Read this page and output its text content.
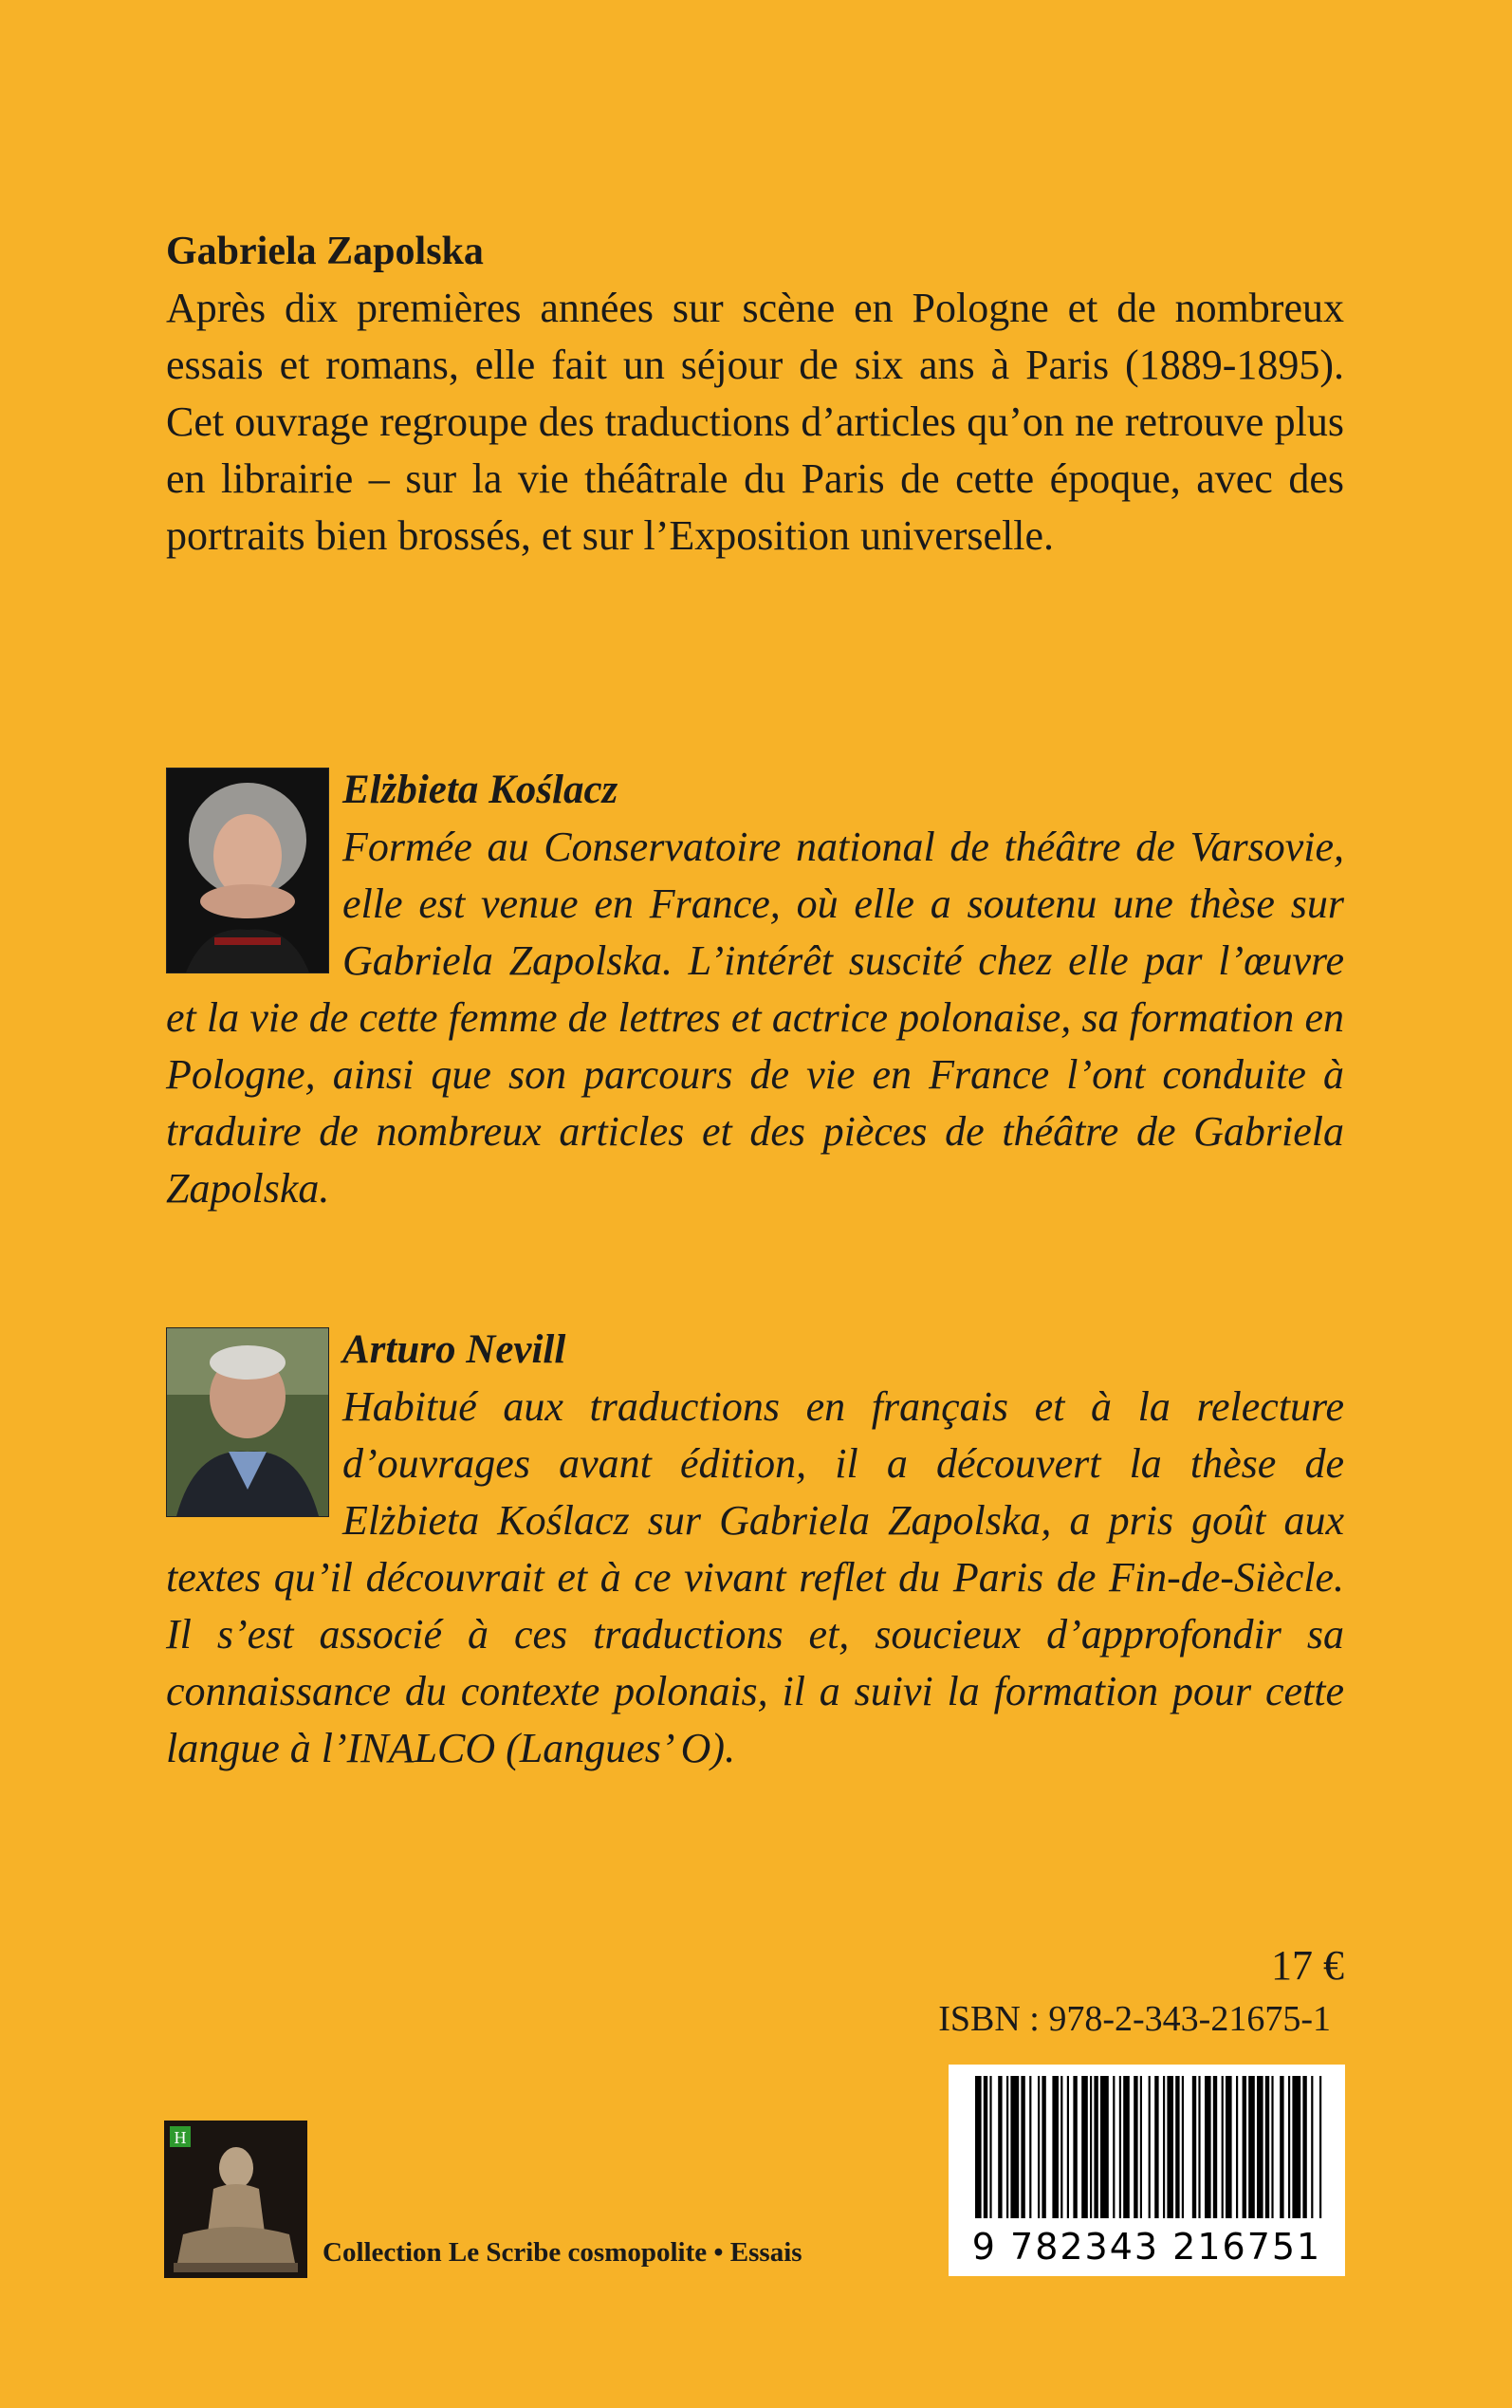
Gabriela Zapolska
Après dix premières années sur scène en Pologne et de nombreux essais et romans, elle fait un séjour de six ans à Paris (1889-1895). Cet ouvrage regroupe des traductions d’articles qu’on ne retrouve plus en librairie – sur la vie théâtrale du Paris de cette époque, avec des portraits bien brossés, et sur l’Exposition universelle.
Elżbieta Koślacz
Formée au Conservatoire national de théâtre de Varsovie, elle est venue en France, où elle a soutenu une thèse sur Gabriela Zapolska. L’intérêt suscité chez elle par l’œuvre et la vie de cette femme de lettres et actrice polonaise, sa formation en Pologne, ainsi que son parcours de vie en France l’ont conduite à traduire de nombreux articles et des pièces de théâtre de Gabriela Zapolska.
Arturo Nevill
Habitué aux traductions en français et à la relecture d’ouvrages avant édition, il a découvert la thèse de Elżbieta Koślacz sur Gabriela Zapolska, a pris goût aux textes qu’il découvrait et à ce vivant reflet du Paris de Fin-de-Siècle. Il s’est associé à ces traductions et, soucieux d’approfondir sa connaissance du contexte polonais, il a suivi la formation pour cette langue à l’INALCO (Langues’ O).
17 €
ISBN : 978-2-343-21675-1
9 782343 216751
H
Collection Le Scribe cosmopolite • Essais
